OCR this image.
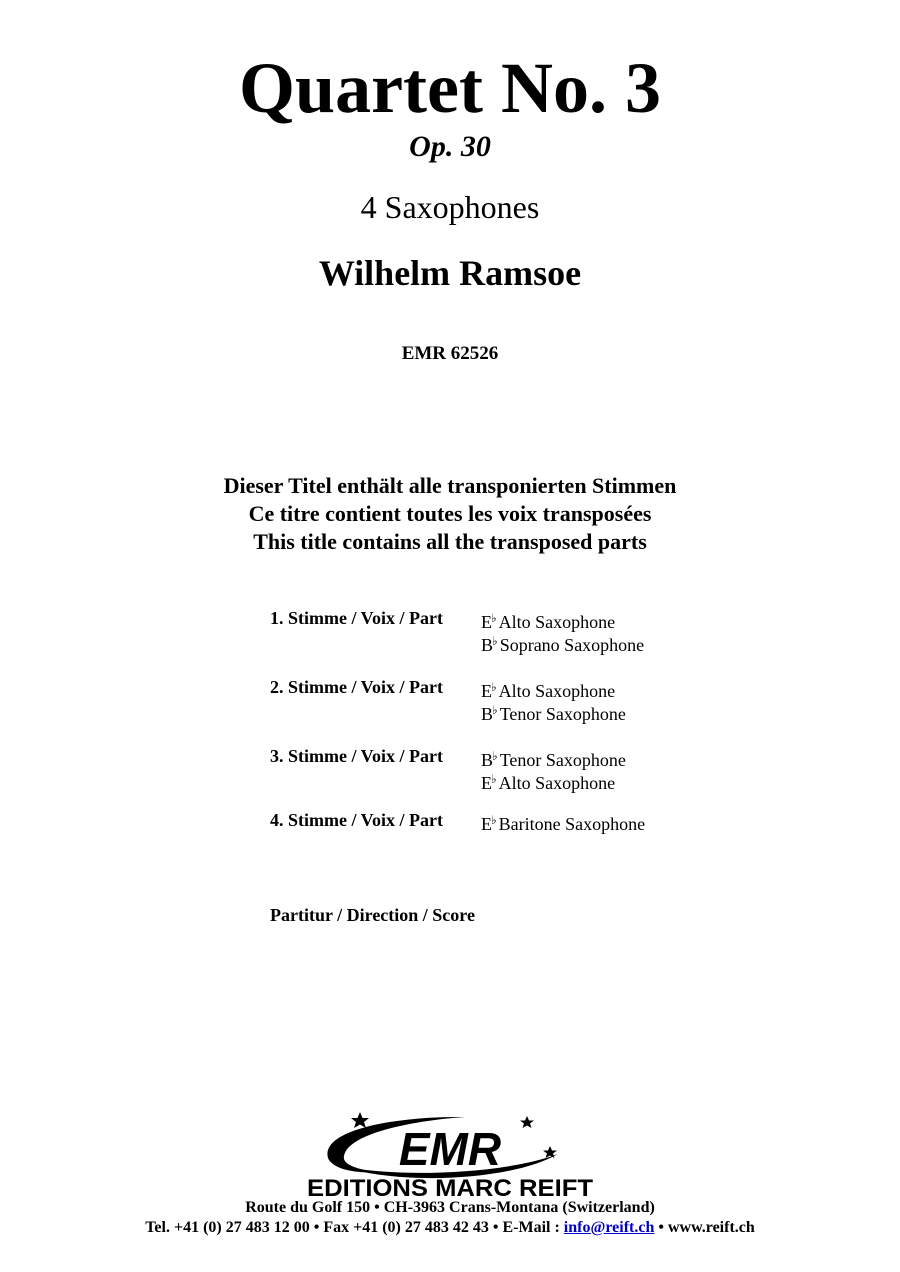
Quartet No. 3
Op. 30
4 Saxophones
Wilhelm Ramsoe
EMR 62526
Dieser Titel enthält alle transponierten Stimmen
Ce titre contient toutes les voix transposées
This title contains all the transposed parts
1. Stimme / Voix / Part E♭ Alto Saxophone
B♭ Soprano Saxophone
2. Stimme / Voix / Part E♭ Alto Saxophone
B♭ Tenor Saxophone
3. Stimme / Voix / Part B♭ Tenor Saxophone
E♭ Alto Saxophone
4. Stimme / Voix / Part E♭ Baritone Saxophone
Partitur / Direction / Score
EMR
EDITIONS MARC REIFT
Route du Golf 150 • CH-3963 Crans-Montana (Switzerland)
Tel. +41 (0) 27 483 12 00 • Fax +41 (0) 27 483 42 43 • E-Mail : info@reift.ch • www.reift.ch
